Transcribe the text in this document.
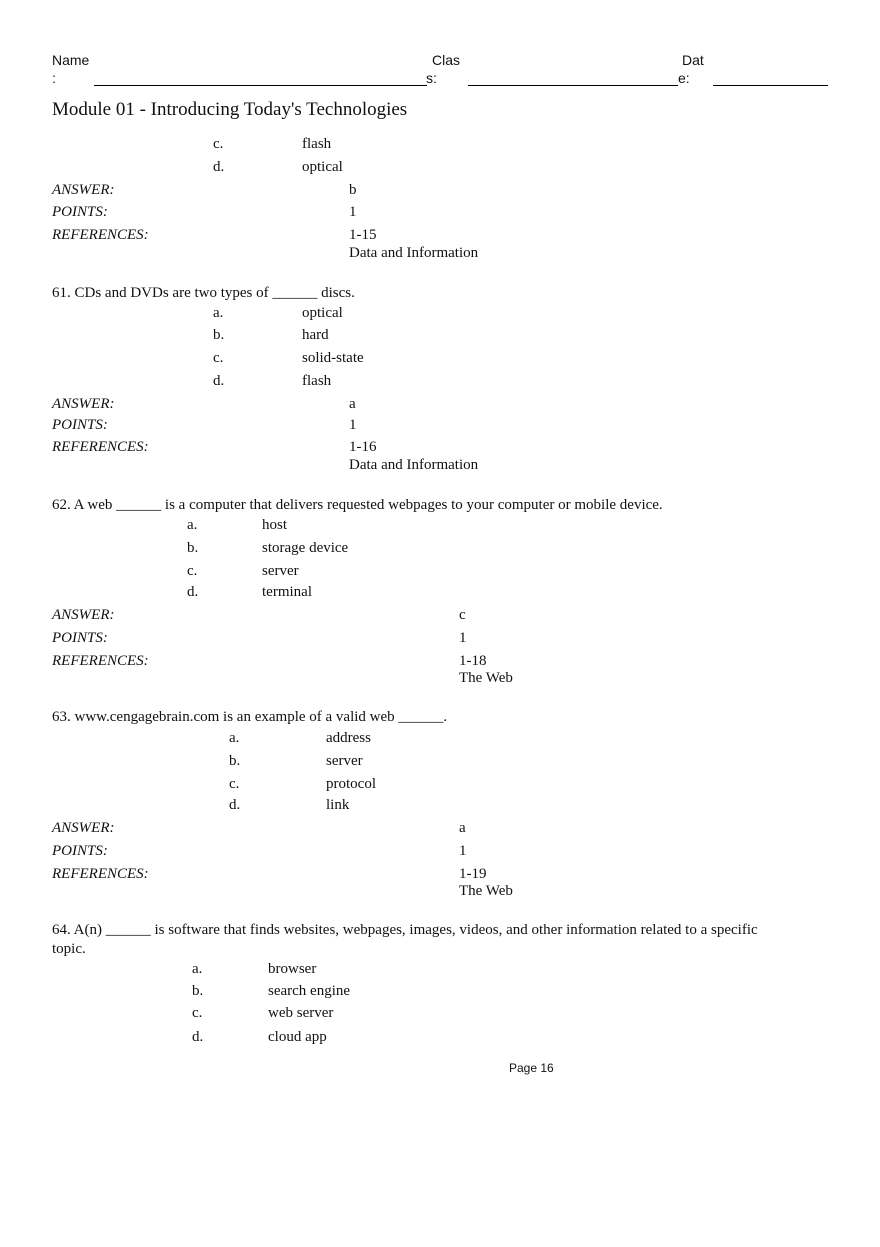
Name
:
Clas
s:
Dat
e:
Module 01 - Introducing Today's Technologies
c.	flash
d.	optical
ANSWER:	b
POINTS:	1
REFERENCES:	1-15
Data and Information
61. CDs and DVDs are two types of ______ discs.
a.	optical
b.	hard
c.	solid-state
d.	flash
ANSWER:	a
POINTS:	1
REFERENCES:	1-16
Data and Information
62. A web ______ is a computer that delivers requested webpages to your computer or mobile device.
a.	host
b.	storage device
c.	server
d.	terminal
ANSWER:	c
POINTS:	1
REFERENCES:	1-18
The Web
63. www.cengagebrain.com is an example of a valid web ______.
a.	address
b.	server
c.	protocol
d.	link
ANSWER:	a
POINTS:	1
REFERENCES:	1-19
The Web
64. A(n) ______ is software that finds websites, webpages, images, videos, and other information related to a specific
topic.
a.	browser
b.	search engine
c.	web server
d.	cloud app
Page 16
